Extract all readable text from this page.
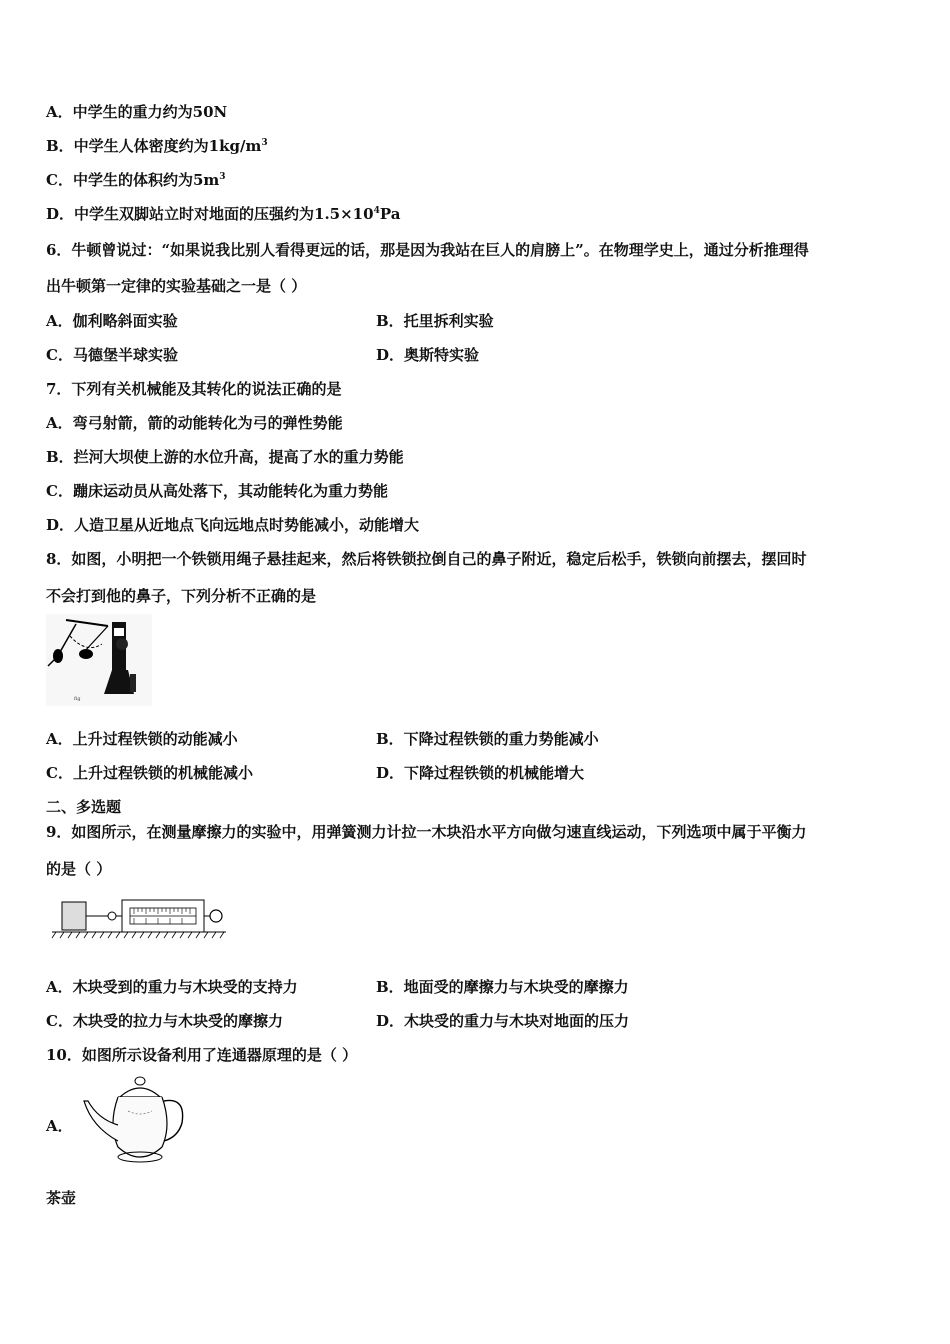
A．中学生的重力约为50N
B．中学生人体密度约为$1kg/m^3$
C．中学生的体积约为$5m^3$
D．中学生双脚站立时对地面的压强约为$1.5\times 10^4Pa$
6．牛顿曾说过：“如果说我比别人看得更远的话，那是因为我站在巨人的肩膀上”。在物理学史上，通过分析推理得
出牛顿第一定律的实验基础之一是（ ）
A．伽利略斜面实验	B．托里拆利实验
C．马德堡半球实验	D．奥斯特实验
7．下列有关机械能及其转化的说法正确的是
A．弯弓射箭，箭的动能转化为弓的弹性势能
B．拦河大坝使上游的水位升高，提高了水的重力势能
C．蹦床运动员从高处落下，其动能转化为重力势能
D．人造卫星从近地点飞向远地点时势能减小，动能增大
8．如图，小明把一个铁锁用绳子悬挂起来，然后将铁锁拉倒自己的鼻子附近，稳定后松手，铁锁向前摆去，摆回时
不会打到他的鼻子，下列分析不正确的是
fig
A．上升过程铁锁的动能减小	B．下降过程铁锁的重力势能减小
C．上升过程铁锁的机械能减小	D．下降过程铁锁的机械能增大
二、多选题
9．如图所示，在测量摩擦力的实验中，用弹簧测力计拉一木块沿水平方向做匀速直线运动，下列选项中属于平衡力
的是（ ）
A．木块受到的重力与木块受的支持力	B．地面受的摩擦力与木块受的摩擦力
C．木块受的拉力与木块受的摩擦力	D．木块受的重力与木块对地面的压力
10．如图所示设备利用了连通器原理的是（ ）
A．
茶壶
